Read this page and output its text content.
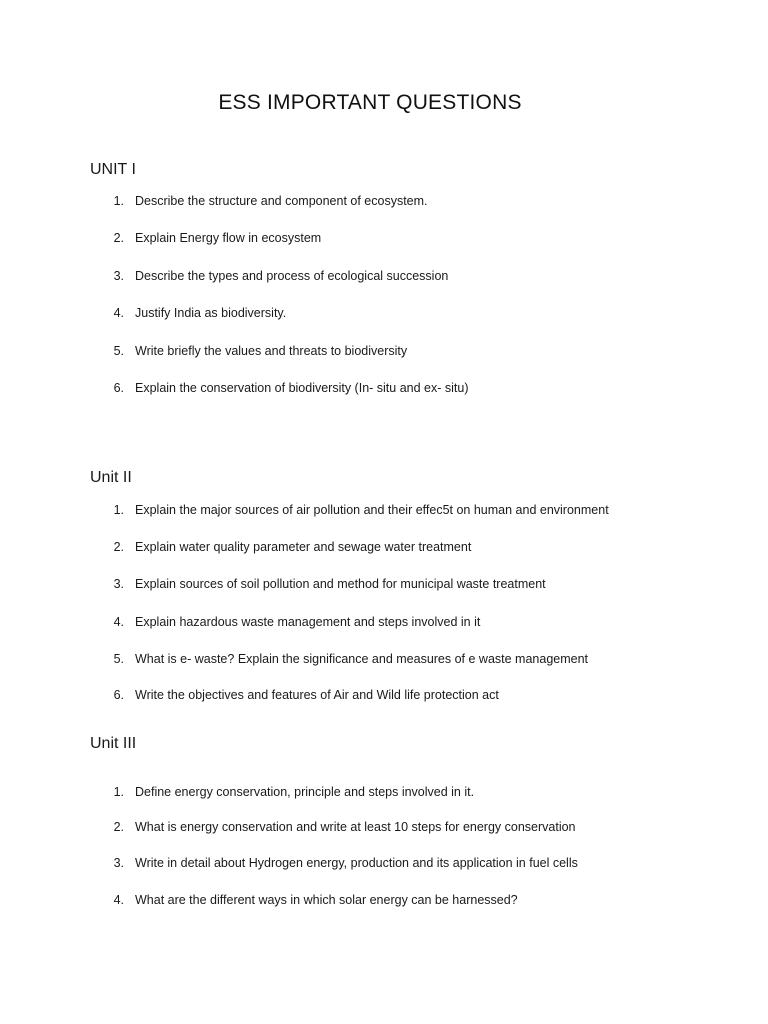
ESS IMPORTANT QUESTIONS
UNIT I
1. Describe the structure and component of ecosystem.
2. Explain Energy flow in ecosystem
3. Describe the types and process of ecological succession
4. Justify India as biodiversity.
5. Write briefly the values and threats to biodiversity
6. Explain the conservation of biodiversity (In- situ and ex- situ)
Unit II
1. Explain the major sources of air pollution and their effec5t on human and environment
2. Explain water quality parameter and sewage water treatment
3. Explain sources of soil pollution and method for municipal waste treatment
4. Explain hazardous waste management and steps involved in it
5. What is e- waste? Explain the significance and measures of e waste management
6. Write the objectives and features of Air and Wild life protection act
Unit III
1. Define energy conservation, principle and steps involved in it.
2. What is energy conservation and write at least 10 steps for energy conservation
3. Write in detail about Hydrogen energy, production and its application in fuel cells
4. What are the different ways in which solar energy can be harnessed?
